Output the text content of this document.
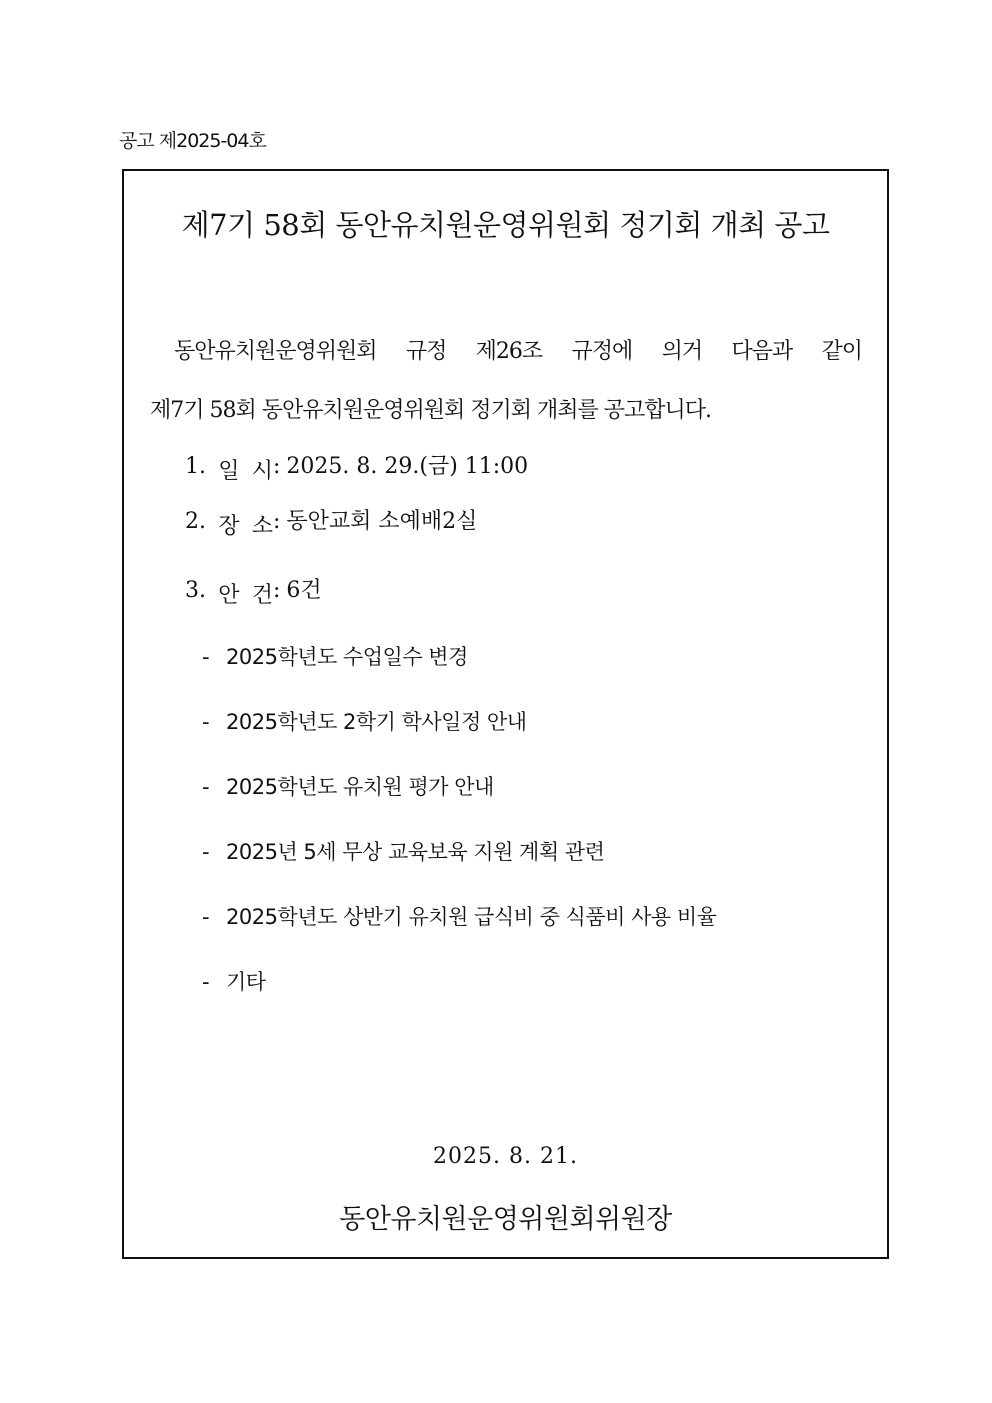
공고 제2025-04호
제7기 58회 동안유치원운영위원회 정기회 개최 공고
동안유치원운영위원회 규정 제26조 규정에 의거 다음과 같이
제7기 58회 동안유치원운영위원회 정기회 개최를 공고합니다.
1. 일 시 : 2025. 8. 29.(금) 11:00
2. 장 소 : 동안교회 소예배2실
3. 안 건 : 6건
- 2025학년도 수업일수 변경
- 2025학년도 2학기 학사일정 안내
- 2025학년도 유치원 평가 안내
- 2025년 5세 무상 교육보육 지원 계획 관련
- 2025학년도 상반기 유치원 급식비 중 식품비 사용 비율
- 기타
2025. 8. 21.
동안유치원운영위원회위원장
